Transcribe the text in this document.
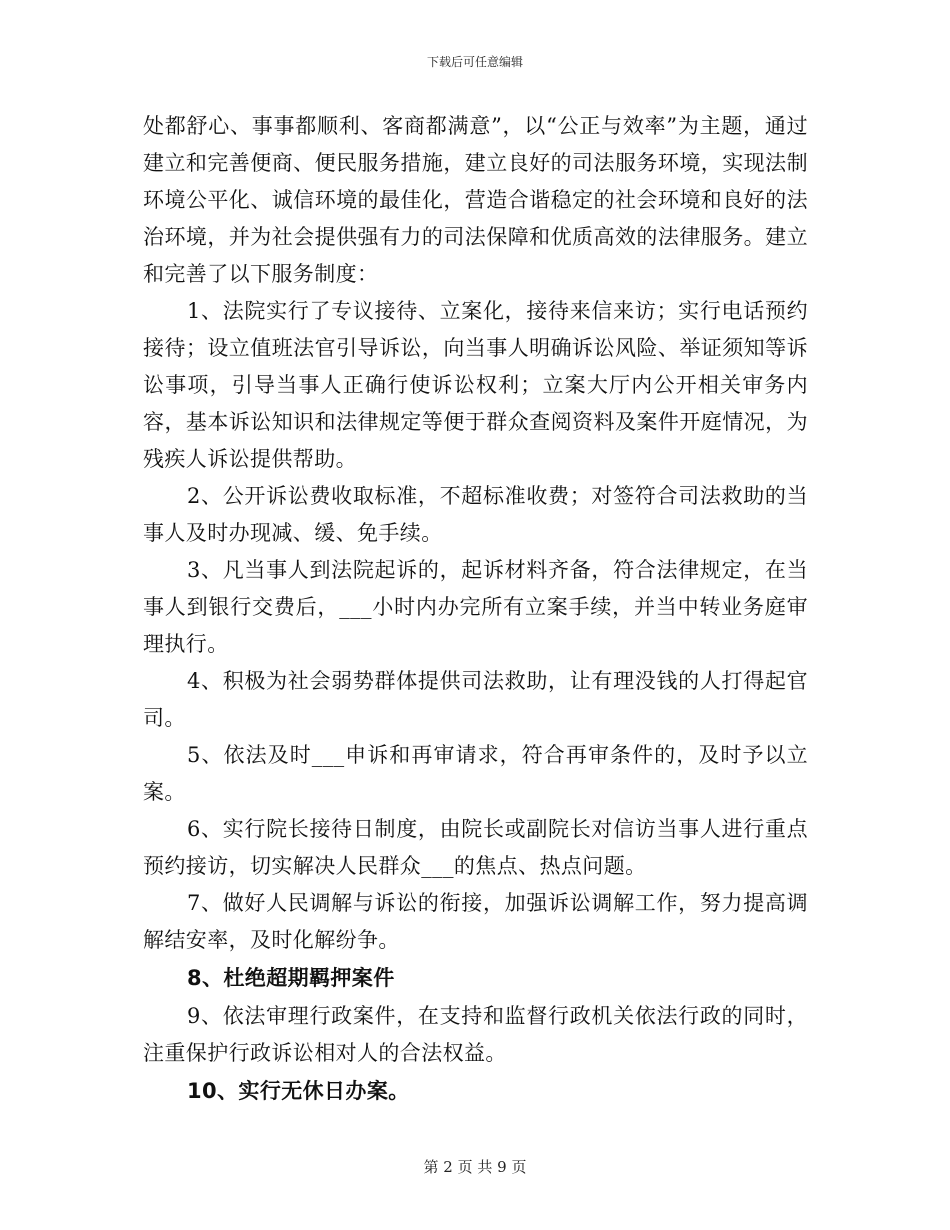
下载后可任意编辑

处都舒心、事事都顺利、客商都满意”，以“公正与效率”为主题，通过建立和完善便商、便民服务措施，建立良好的司法服务环境，实现法制环境公平化、诚信环境的最佳化，营造合谐稳定的社会环境和良好的法治环境，并为社会提供强有力的司法保障和优质高效的法律服务。建立和完善了以下服务制度：

1、法院实行了专议接待、立案化，接待来信来访；实行电话预约接待；设立值班法官引导诉讼，向当事人明确诉讼风险、举证须知等诉讼事项，引导当事人正确行使诉讼权利；立案大厅内公开相关审务内容，基本诉讼知识和法律规定等便于群众查阅资料及案件开庭情况，为残疾人诉讼提供帮助。

2、公开诉讼费收取标准，不超标准收费；对签符合司法救助的当事人及时办现减、缓、免手续。

3、凡当事人到法院起诉的，起诉材料齐备，符合法律规定，在当事人到银行交费后，___小时内办完所有立案手续，并当中转业务庭审理执行。

4、积极为社会弱势群体提供司法救助，让有理没钱的人打得起官司。

5、依法及时___申诉和再审请求，符合再审条件的，及时予以立案。

6、实行院长接待日制度，由院长或副院长对信访当事人进行重点预约接访，切实解决人民群众___的焦点、热点问题。

7、做好人民调解与诉讼的衔接，加强诉讼调解工作，努力提高调解结安率，及时化解纷争。

8、杜绝超期羁押案件

9、依法审理行政案件，在支持和监督行政机关依法行政的同时，注重保护行政诉讼相对人的合法权益。

10、实行无休日办案。

第 2 页 共 9 页
